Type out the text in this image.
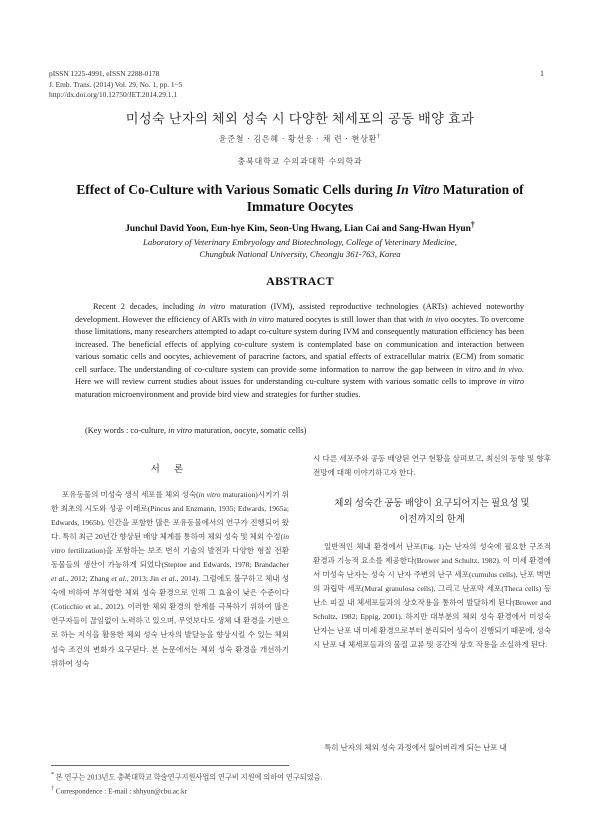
pISSN 1225-4991, eISSN 2288-0178
J. Emb. Trans. (2014) Vol. 29, No. 1, pp. 1~5
http://dx.doi.org/10.12750/JET.2014.29.1.1
1
미성숙 난자의 체외 성숙 시 다양한 체세포의 공동 배양 효과
윤준철 · 김은혜 · 황선웅 · 채 련 · 현상환†
충북대학교 수의과대학 수의학과
Effect of Co-Culture with Various Somatic Cells during In Vitro Maturation of Immature Oocytes
Junchul David Yoon, Eun-hye Kim, Seon-Ung Hwang, Lian Cai and Sang-Hwan Hyun†
Laboratory of Veterinary Embryology and Biotechnology, College of Veterinary Medicine,
Chungbuk National University, Cheongju 361-763, Korea
ABSTRACT
Recent 2 decades, including in vitro maturation (IVM), assisted reproductive technologies (ARTs) achieved noteworthy development. However the efficiency of ARTs with in vitro matured oocytes is still lower than that with in vivo oocytes. To overcome those limitations, many researchers attempted to adapt co-culture system during IVM and consequently maturation efficiency has been increased. The beneficial effects of applying co-culture system is contemplated base on communication and interaction between various somatic cells and oocytes, achievement of paracrine factors, and spatial effects of extracellular matrix (ECM) from somatic cell surface. The understanding of co-culture system can provide some information to narrow the gap between in vitro and in vivo. Here we will review current studies about issues for understanding cu-culture system with various somatic cells to improve in vitro maturation microenvironment and provide bird view and strategies for further studies.
(Key words : co-culture, in vitro maturation, oocyte, somatic cells)
서 론
포유동물의 미성숙 생식 세포를 체외 성숙(in vitro maturation)시키기 위한 최초의 시도와 성공 이래로(Pincus and Enzmann, 1935; Edwards, 1965a; Edwards, 1965b), 인간을 포함한 많은 포유동물에서의 연구가 진행되어 왔다. 특히 최근 20년간 향상된 배양 체계를 통하여 체외 성숙 및 체외 수정(in vitro fertilization)을 포함하는 보조 번식 기술의 발전과 다양한 형질 전환 동물들의 생산이 가능하게 되었다(Steptoe and Edwards, 1978; Brandacher et al., 2012; Zhang et al., 2013; Jin et al., 2014). 그럼에도 불구하고 체내 성숙에 비하여 부적합한 체외 성숙 환경으로 인해 그 효율이 낮은 수준이다(Coticchio et al., 2012). 이러한 체외 환경의 한계를 극복하기 위하여 많은 연구자들이 끊임없이 노력하고 있으며, 무엇보다도 생체 내 환경을 기반으로 하는 지식을 활용한 체외 성숙 난자의 발달능을 향상시킬 수 있는 체외 성숙 조건의 변화가 요구된다. 본 논문에서는 체외 성숙 환경을 개선하기 위하여 성숙
시 다른 세포주와 공동 배양된 연구 현황을 살펴보고, 최신의 동향 및 향후 전망에 대해 이야기하고자 한다.
체외 성숙간 공동 배양이 요구되어지는 필요성 및
이전까지의 한계
일반적인 체내 환경에서 난포(Fig. 1)는 난자의 성숙에 필요한 구조적 환경과 기능적 요소를 제공한다(Brower and Schultz, 1982). 이 미세 환경에서 미성숙 난자는 성숙 시 난자 주변의 난구 세포(cumulus cells), 난포 벽면의 과립막 세포(Mural granulosa cells), 그리고 난포막 세포(Theca cells) 등 난소 피질 내 체세포들과의 상호작용을 통하여 발달하게 된다(Brower and Schultz, 1982; Eppig, 2001). 하지만 대부분의 체외 성숙 환경에서 미성숙 난자는 난포 내 미세 환경으로부터 분리되어 성숙이 진행되기 때문에, 성숙 시 난포 내 체세포들과의 물질 교류 및 공간적 상호 작용을 소실하게 된다.
특히 난자의 체외 성숙 과정에서 잃어버리게 되는 난포 내
* 본 연구는 2013년도 충북대학교 학술연구지원사업의 연구비 지원에 의하여 연구되었음.
† Correspondence : E-mail : shhyun@cbu.ac.kr
